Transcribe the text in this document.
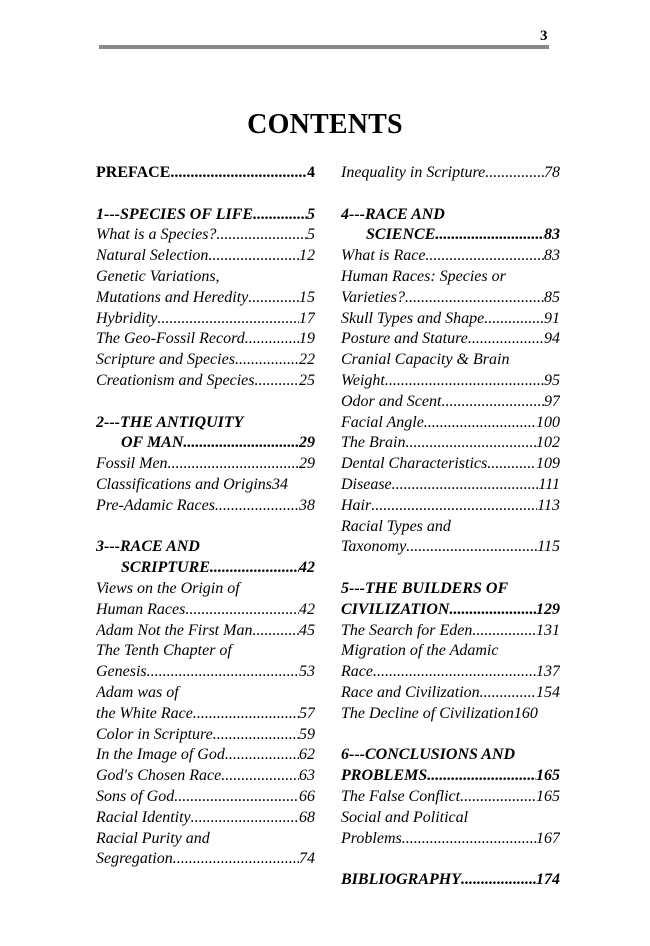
3
CONTENTS
PREFACE .....	4
1---SPECIES OF LIFE .....	5
What is a Species? .....	5
Natural Selection .....	12
Genetic Variations,
Mutations and Heredity .....	15
Hybridity .....	17
The Geo-Fossil Record .....	19
Scripture and Species .....	22
Creationism and Species .....	25
2---THE ANTIQUITY
OF MAN .....	29
Fossil Men .....	29
Classifications and Origins 34
Pre-Adamic Races .....	38
3---RACE AND
SCRIPTURE .....	42
Views on the Origin of
Human Races .....	42
Adam Not the First Man .....	45
The Tenth Chapter of
Genesis .....	53
Adam was of
the White Race .....	57
Color in Scripture .....	59
In the Image of God .....	62
God's Chosen Race .....	63
Sons of God .....	66
Racial Identity .....	68
Racial Purity and
Segregation .....	74
Inequality in Scripture .....	78
4---RACE AND
SCIENCE .....	83
What is Race .....	83
Human Races: Species or
Varieties? .....	85
Skull Types and Shape .....	91
Posture and Stature .....	94
Cranial Capacity & Brain
Weight .....	95
Odor and Scent .....	97
Facial Angle .....	100
The Brain .....	102
Dental Characteristics .....	109
Disease .....	111
Hair .....	113
Racial Types and
Taxonomy .....	115
5---THE BUILDERS OF
CIVILIZATION .....	129
The Search for Eden .....	131
Migration of the Adamic
Race .....	137
Race and Civilization .....	154
The Decline of Civilization 160
6---CONCLUSIONS AND
PROBLEMS .....	165
The False Conflict .....	165
Social and Political
Problems .....	167
BIBLIOGRAPHY .....	174
